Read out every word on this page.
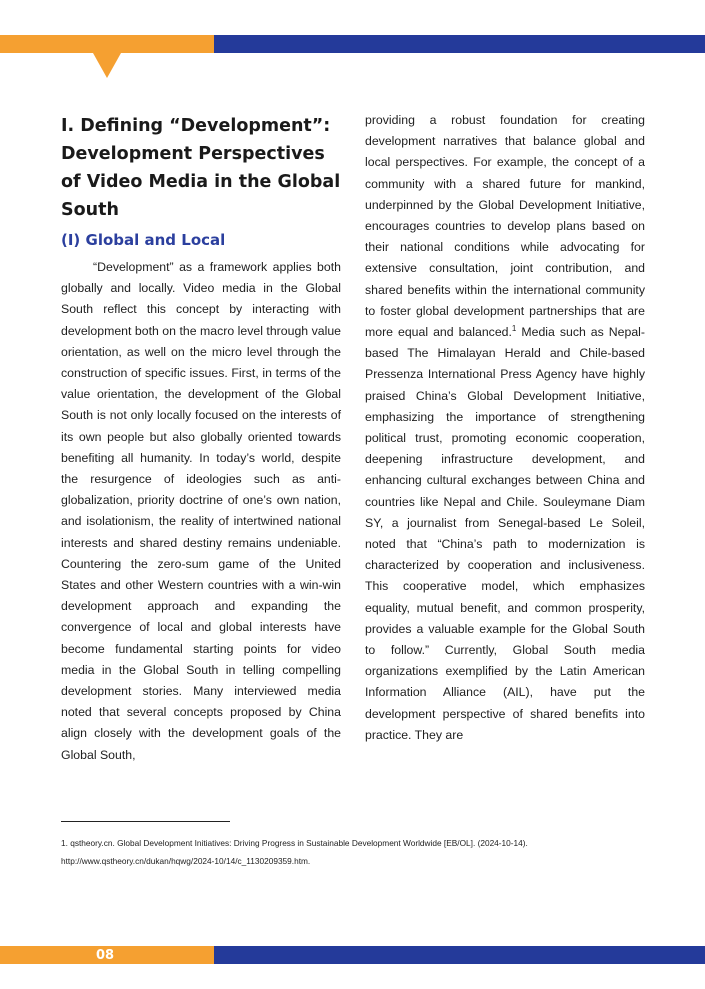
I. Defining “Development”: Development Perspectives of Video Media in the Global South
(I) Global and Local

“Development” as a framework applies both globally and locally. Video media in the Global South reflect this concept by interacting with development both on the macro level through value orientation, as well on the micro level through the construction of specific issues. First, in terms of the value orientation, the development of the Global South is not only locally focused on the interests of its own people but also globally oriented towards benefiting all humanity. In today’s world, despite the resurgence of ideologies such as anti-globalization, priority doctrine of one’s own nation, and isolationism, the reality of intertwined national interests and shared destiny remains undeniable. Countering the zero-sum game of the United States and other Western countries with a win-win development approach and expanding the convergence of local and global interests have become fundamental starting points for video media in the Global South in telling compelling development stories. Many interviewed media noted that several concepts proposed by China align closely with the development goals of the Global South,

providing a robust foundation for creating development narratives that balance global and local perspectives. For example, the concept of a community with a shared future for mankind, underpinned by the Global Development Initiative, encourages countries to develop plans based on their national conditions while advocating for extensive consultation, joint contribution, and shared benefits within the international community to foster global development partnerships that are more equal and balanced.$^1$ Media such as Nepal-based The Himalayan Herald and Chile-based Pressenza International Press Agency have highly praised China’s Global Development Initiative, emphasizing the importance of strengthening political trust, promoting economic cooperation, deepening infrastructure development, and enhancing cultural exchanges between China and countries like Nepal and Chile. Souleymane Diam SY, a journalist from Senegal-based Le Soleil, noted that “China’s path to modernization is characterized by cooperation and inclusiveness. This cooperative model, which emphasizes equality, mutual benefit, and common prosperity, provides a valuable example for the Global South to follow.” Currently, Global South media organizations exemplified by the Latin American Information Alliance (AIL), have put the development perspective of shared benefits into practice. They are

1. qstheory.cn. Global Development Initiatives: Driving Progress in Sustainable Development Worldwide [EB/OL]. (2024-10-14).
http://www.qstheory.cn/dukan/hqwg/2024-10/14/c_1130209359.htm.
08
